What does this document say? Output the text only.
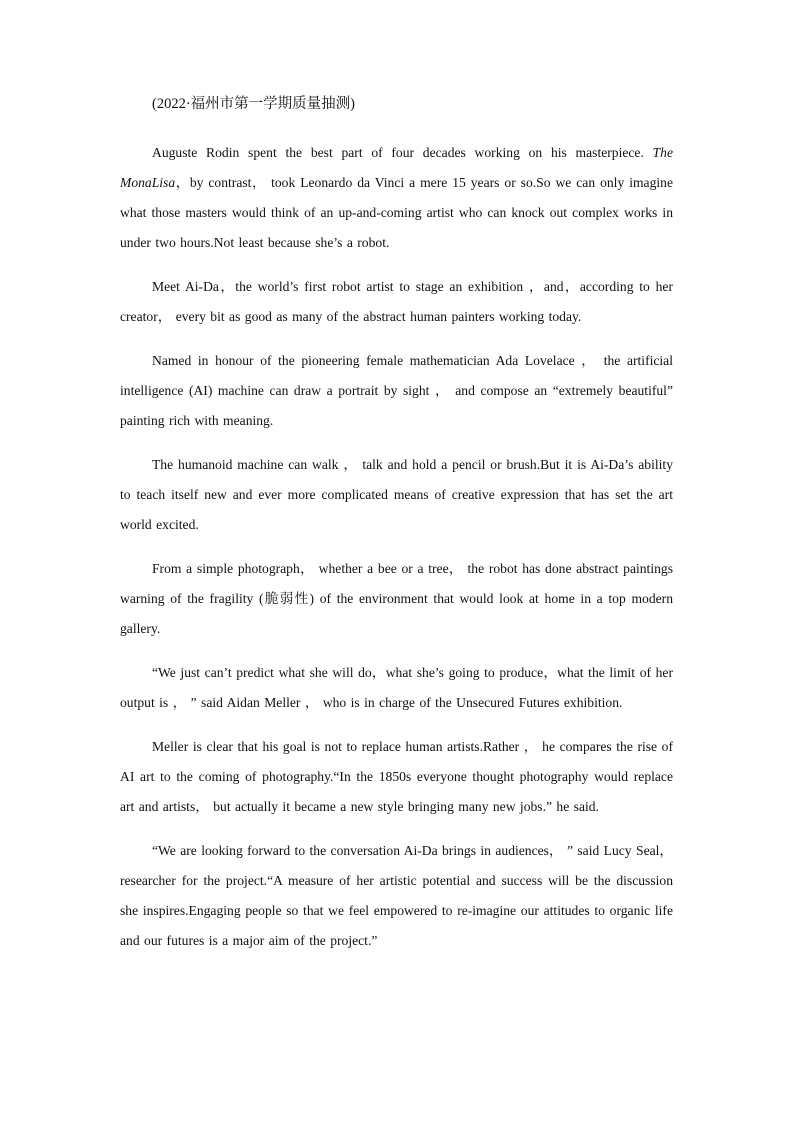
(2022·福州市第一学期质量抽测)

Auguste Rodin spent the best part of four decades working on his masterpiece. The MonaLisa，by contrast， took Leonardo da Vinci a mere 15 years or so.So we can only imagine what those masters would think of an up-and-coming artist who can knock out complex works in under two hours.Not least because she’s a robot.

Meet Ai-Da，the world’s first robot artist to stage an exhibition ，and，according to her creator， every bit as good as many of the abstract human painters working today.

Named in honour of the pioneering female mathematician Ada Lovelace ， the artificial intelligence (AI) machine can draw a portrait by sight ， and compose an “extremely beautiful” painting rich with meaning.

The humanoid machine can walk ， talk and hold a pencil or brush.But it is Ai-Da’s ability to teach itself new and ever more complicated means of creative expression that has set the art world excited.

From a simple photograph， whether a bee or a tree， the robot has done abstract paintings warning of the fragility (脆弱性) of the environment that would look at home in a top modern gallery.

“We just can’t predict what she will do，what she’s going to produce，what the limit of her output is ， ” said Aidan Meller ， who is in charge of the Unsecured Futures exhibition.

Meller is clear that his goal is not to replace human artists.Rather ， he compares the rise of AI art to the coming of photography.“In the 1850s everyone thought photography would replace art and artists， but actually it became a new style bringing many new jobs.” he said.

“We are looking forward to the conversation Ai-Da brings in audiences， ” said Lucy Seal， researcher for the project.“A measure of her artistic potential and success will be the discussion she inspires.Engaging people so that we feel empowered to re-imagine our attitudes to organic life and our futures is a major aim of the project.”
